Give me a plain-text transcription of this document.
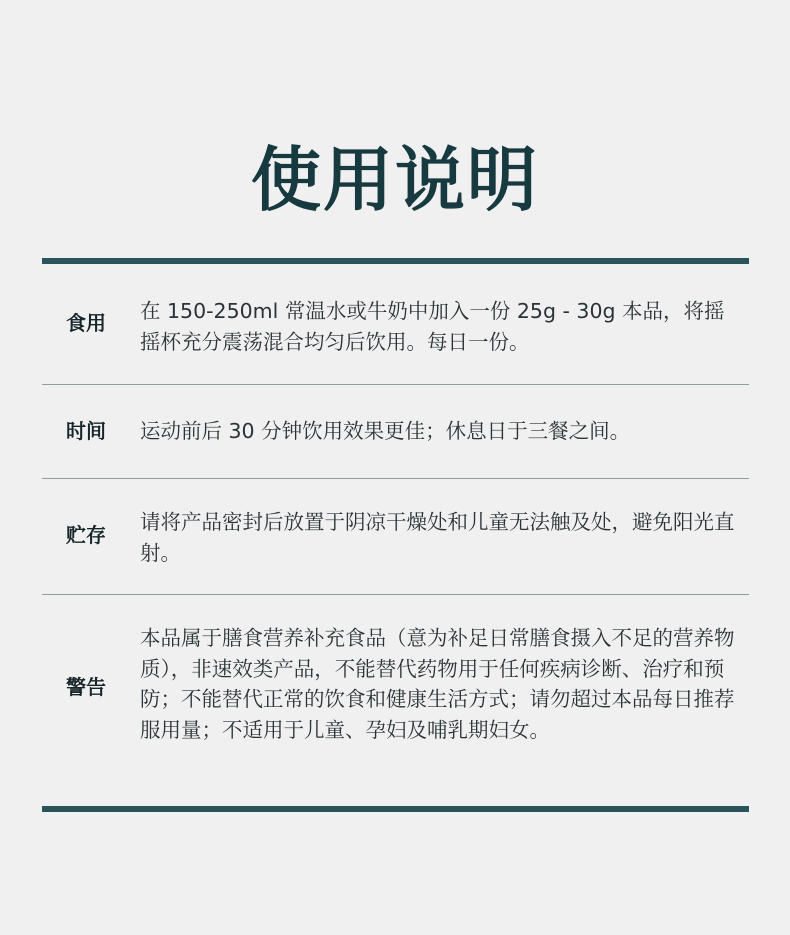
使用说明
食用	在 150-250ml 常温水或牛奶中加入一份 25g - 30g 本品，将摇摇杯充分震荡混合均匀后饮用。每日一份。
时间	运动前后 30 分钟饮用效果更佳；休息日于三餐之间。
贮存
请将产品密封后放置于阴凉干燥处和儿童无法触及处，避免阳光直射。
警告
本品属于膳食营养补充食品（意为补足日常膳食摄入不足的营养物质），非速效类产品，不能替代药物用于任何疾病诊断、治疗和预防；不能替代正常的饮食和健康生活方式；请勿超过本品每日推荐服用量；不适用于儿童、孕妇及哺乳期妇女。
